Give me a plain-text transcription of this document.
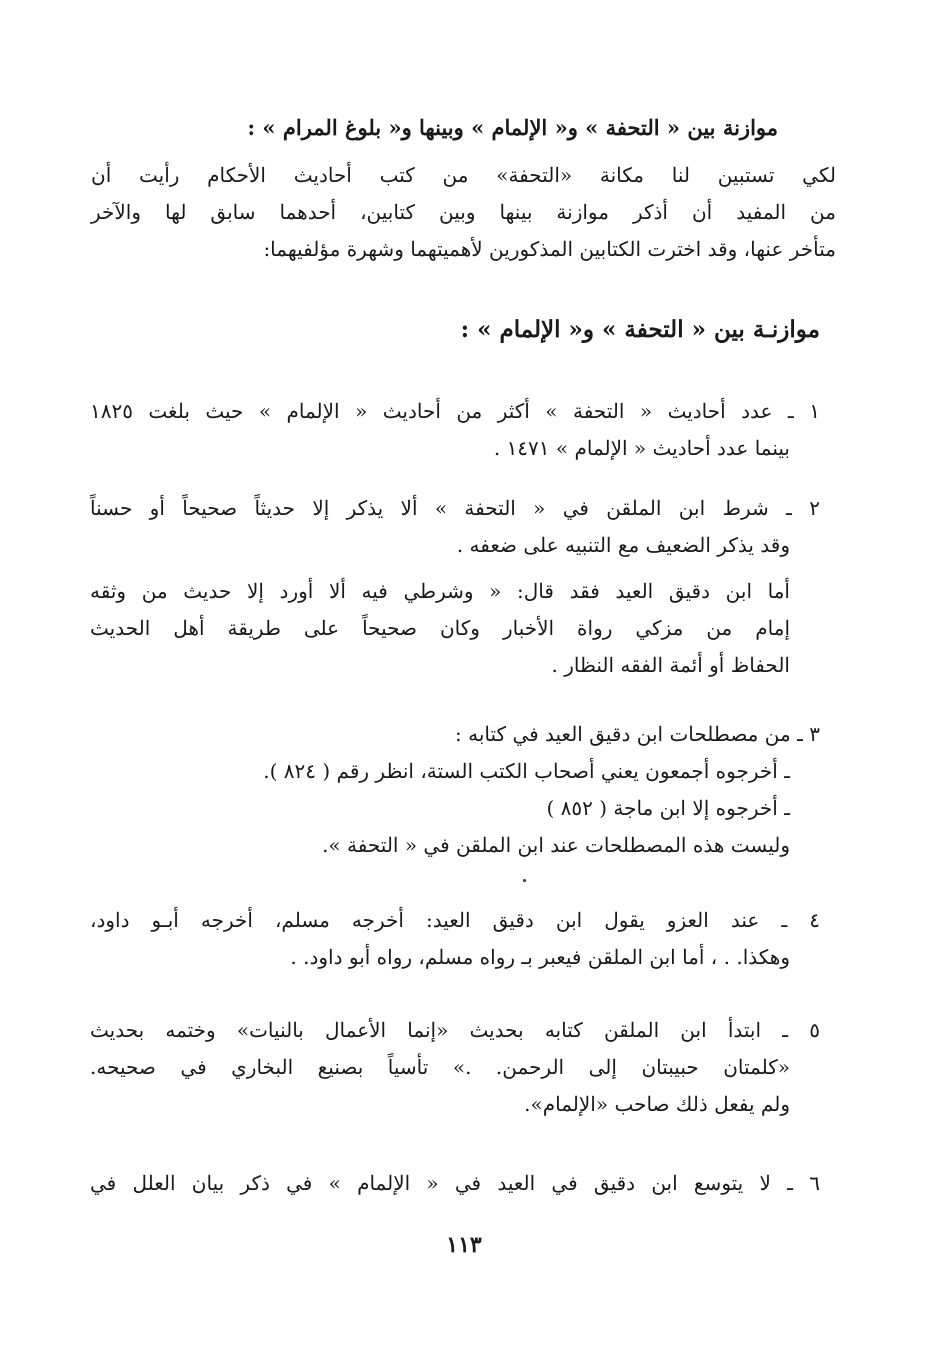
موازنة بين « التحفة » و« الإلمام » وبينها و« بلوغ المرام » :
لكي تستبين لنا مكانة «التحفة» من كتب أحاديث الأحكام رأيت أن
من المفيد أن أذكر موازنة بينها وبين كتابين، أحدهما سابق لها والآخر
متأخر عنها، وقد اخترت الكتابين المذكورين لأهميتهما وشهرة مؤلفيهما:
موازنـة بين « التحفة » و« الإلمام » :
١ ـ عدد أحاديث « التحفة » أكثر من أحاديث « الإلمام » حيث بلغت ١٨٢٥
بينما عدد أحاديث « الإلمام » ١٤٧١ .
٢ ـ شرط ابن الملقن في « التحفة » ألا يذكر إلا حديثاً صحيحاً أو حسناً
وقد يذكر الضعيف مع التنبيه على ضعفه .
أما ابن دقيق العيد فقد قال: « وشرطي فيه ألا أورد إلا حديث من وثقه
إمام من مزكي رواة الأخبار وكان صحيحاً على طريقة أهل الحديث
الحفاظ أو أئمة الفقه النظار .
٣ ـ من مصطلحات ابن دقيق العيد في كتابه :
ـ أخرجوه أجمعون يعني أصحاب الكتب الستة، انظر رقم ( ٨٢٤ ).
ـ أخرجوه إلا ابن ماجة ( ٨٥٢ )
وليست هذه المصطلحات عند ابن الملقن في « التحفة ».
٤ ـ عند العزو يقول ابن دقيق العيد: أخرجه مسلم، أخرجه أبـو داود،
وهكذا. . ، أما ابن الملقن فيعبر بـ رواه مسلم، رواه أبو داود. .
٥ ـ ابتدأ ابن الملقن كتابه بحديث «إنما الأعمال بالنيات» وختمه بحديث
«كلمتان حبيبتان إلى الرحمن. .» تأسياً بصنيع البخاري في صحيحه.
ولم يفعل ذلك صاحب «الإلمام».
٦ ـ لا يتوسع ابن دقيق في العيد في « الإلمام » في ذكر بيان العلل في
١١٣
